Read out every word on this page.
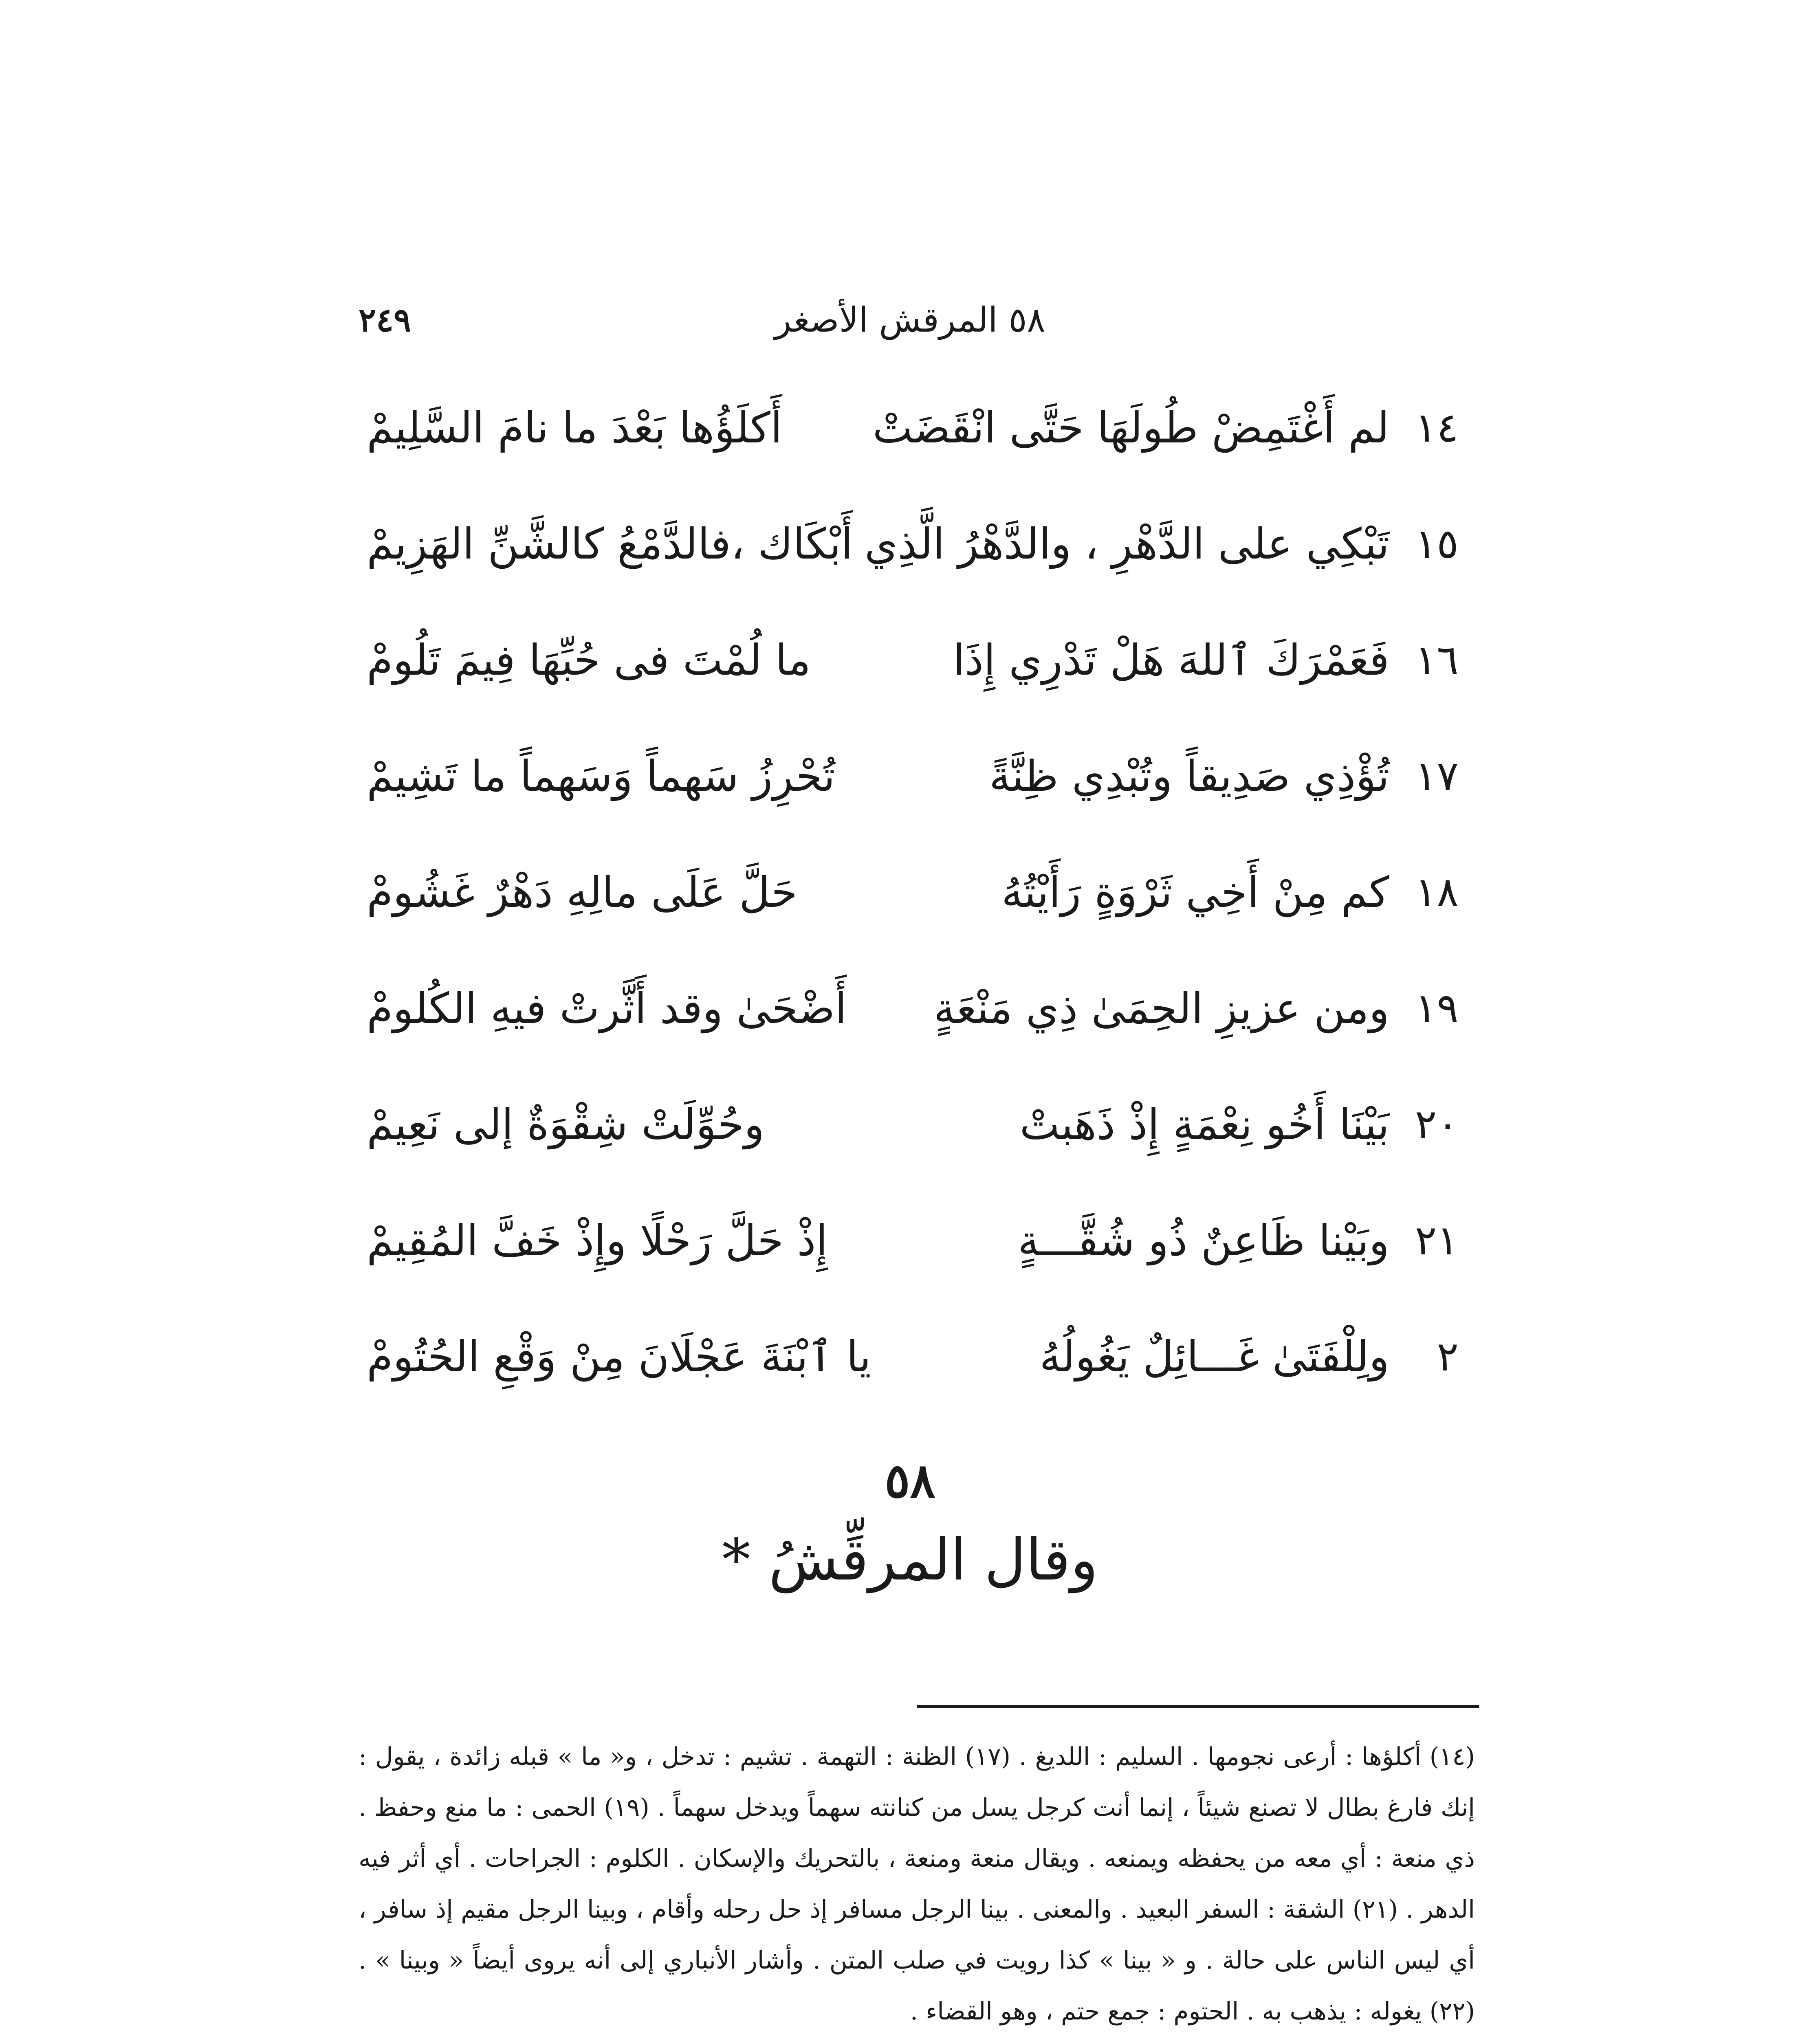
٥٨ المرقش الأصغر
٢٤٩
١٤
لم أَغْتَمِضْ طُولَهَا حَتَّى انْقَضَتْ
أَكلَؤُها بَعْدَ ما نامَ السَّلِيمْ
١٥
تَبْكِي على الدَّهْرِ ، والدَّهْرُ الَّذِي
أَبْكَاك ،فالدَّمْعُ كالشَّنِّ الهَزِيمْ
١٦
فَعَمْرَكَ ٱللهَ هَلْ تَدْرِي إِذَا
ما لُمْتَ فى حُبِّهَا فِيمَ تَلُومْ
١٧
تُؤْذِي صَدِيقاً وتُبْدِي ظِنَّةً
تُحْرِزُ سَهماً وَسَهماً ما تَشِيمْ
١٨
كم مِنْ أَخِي ثَرْوَةٍ رَأَيْتُهُ
حَلَّ عَلَى مالِهِ دَهْرٌ غَشُومْ
١٩
ومن عزيزِ الحِمَىٰ ذِي مَنْعَةٍ
أَضْحَىٰ وقد أَثَّرتْ فيهِ الكُلومْ
٢٠
بَيْنَا أَخُو نِعْمَةٍ إِذْ ذَهَبتْ
وحُوِّلَتْ شِقْوَةٌ إلى نَعِيمْ
٢١
وبَيْنا ظَاعِنٌ ذُو شُقَّـــةٍ
إِذْ حَلَّ رَحْلًا وإِذْ خَفَّ المُقِيمْ
٢
ولِلْفَتَىٰ غَـــائِلٌ يَغُولُهُ
يا ٱبْنَةَ عَجْلَانَ مِنْ وَقْعِ الحُتُومْ
٥٨
وقال المرقِّشُ *

(١٤) أكلؤها : أرعى نجومها . السليم : اللديغ . (١٧) الظنة : التهمة . تشيم : تدخل ، و« ما » قبله زائدة ، يقول : إنك فارغ بطال لا تصنع شيئاً ، إنما أنت كرجل يسل من كنانته سهماً ويدخل سهماً . (١٩) الحمى : ما منع وحفظ . ذي منعة : أي معه من يحفظه ويمنعه . ويقال منعة ومنعة ، بالتحريك والإسكان . الكلوم : الجراحات . أي أثر فيه الدهر . (٢١) الشقة : السفر البعيد . والمعنى . بينا الرجل مسافر إذ حل رحله وأقام ، وبينا الرجل مقيم إذ سافر ، أي ليس الناس على حالة . و « بينا » كذا رويت في صلب المتن . وأشار الأنباري إلى أنه يروى أيضاً « وبينا » . (٢٢) يغوله : يذهب به . الحتوم : جمع حتم ، وهو القضاء .
